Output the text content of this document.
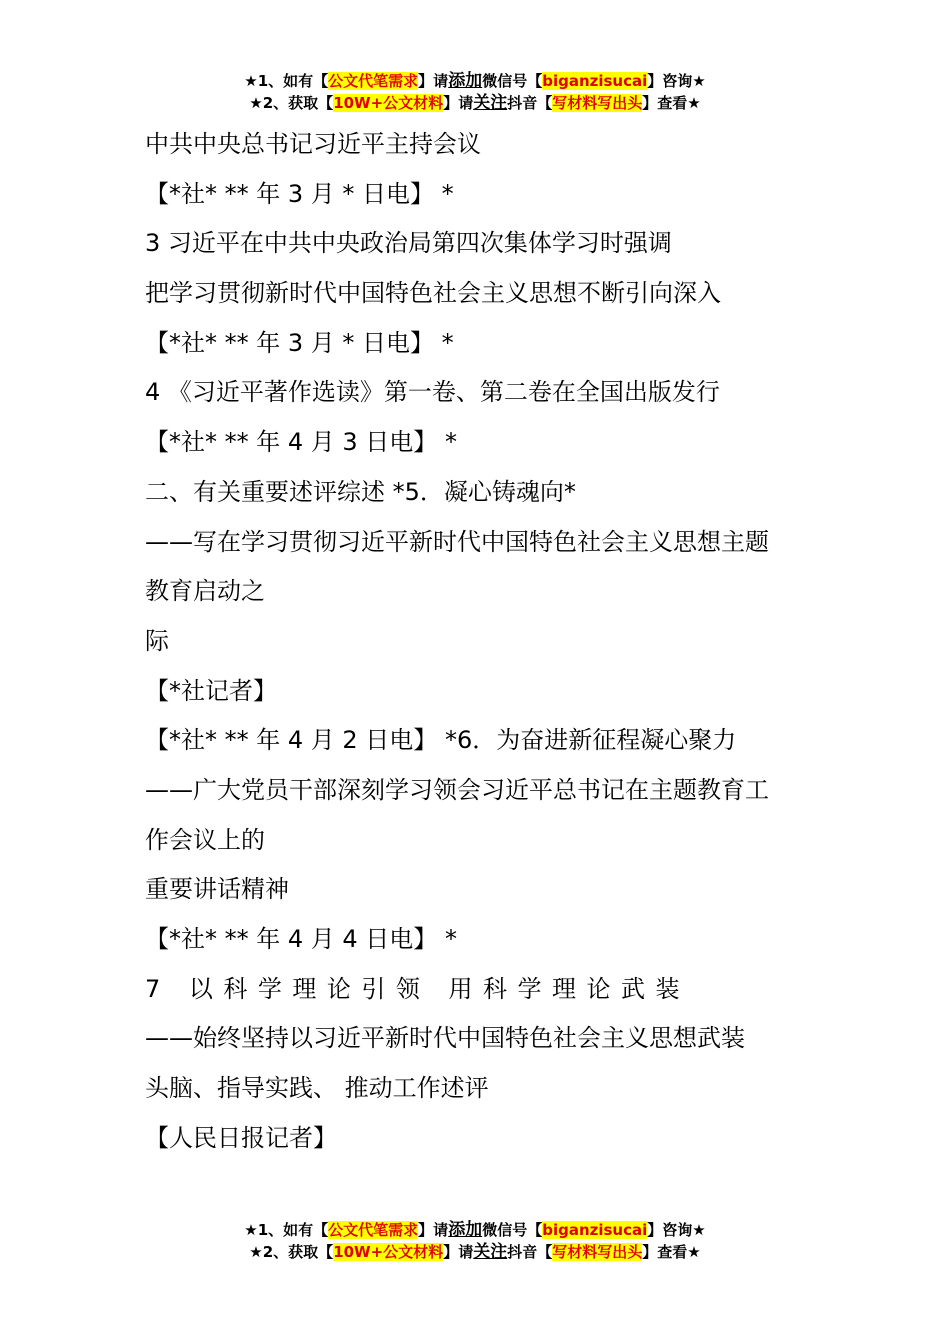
★1、如有【公文代笔需求】请添加微信号【biganzisucai】咨询★
★2、获取【10W+公文材料】请关注抖音【写材料写出头】查看★
中共中央总书记习近平主持会议
【*社* ** 年 3 月 * 日电】 *
3 习近平在中共中央政治局第四次集体学习时强调
把学习贯彻新时代中国特色社会主义思想不断引向深入
【*社* ** 年 3 月 * 日电】 *
4 《习近平著作选读》第一卷、第二卷在全国出版发行
【*社* ** 年 4 月 3 日电】 *
二、有关重要述评综述 *5．凝心铸魂向*
——写在学习贯彻习近平新时代中国特色社会主义思想主题
教育启动之
际
【*社记者】
【*社* ** 年 4 月 2 日电】 *6．为奋进新征程凝心聚力
——广大党员干部深刻学习领会习近平总书记在主题教育工
作会议上的
重要讲话精神
【*社* ** 年 4 月 4 日电】 *
7 以科学理论引领 用科学理论武装
——始终坚持以习近平新时代中国特色社会主义思想武装
头脑、指导实践、 推动工作述评
【人民日报记者】
★1、如有【公文代笔需求】请添加微信号【biganzisucai】咨询★
★2、获取【10W+公文材料】请关注抖音【写材料写出头】查看★
